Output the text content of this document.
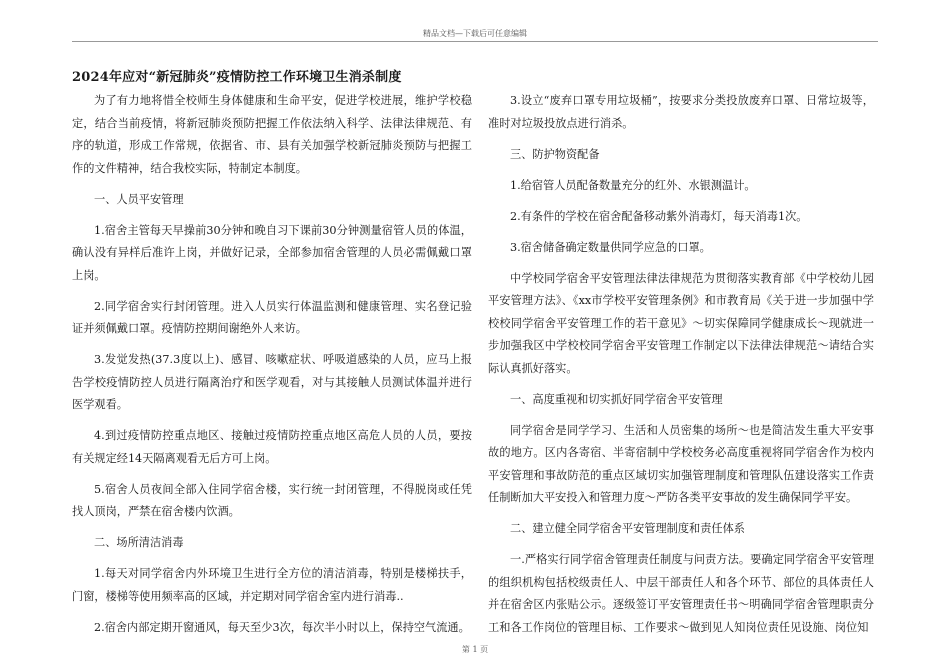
精品文档—下载后可任意编辑
2024年应对“新冠肺炎”疫情防控工作环境卫生消杀制度

为了有力地将惜全校师生身体健康和生命平安，促进学校进展，维护学校稳定，结合当前疫情，将新冠肺炎预防把握工作依法纳入科学、法律法律规范、有序的轨道，形成工作常规，依据省、市、县有关加强学校新冠肺炎预防与把握工作的文件精神，结合我校实际，特制定本制度。

一、人员平安管理

1.宿舍主管每天早操前30分钟和晚自习下课前30分钟测量宿管人员的体温，确认没有异样后准许上岗，并做好记录，全部参加宿舍管理的人员必需佩戴口罩上岗。

2.同学宿舍实行封闭管理。进入人员实行体温监测和健康管理、实名登记验证并须佩戴口罩。疫情防控期间谢绝外人来访。

3.发觉发热(37.3度以上)、感冒、咳嗽症状、呼吸道感染的人员，应马上报告学校疫情防控人员进行隔离治疗和医学观看，对与其接触人员测试体温并进行医学观看。

4.到过疫情防控重点地区、接触过疫情防控重点地区高危人员的人员，要按有关规定经14天隔离观看无后方可上岗。

5.宿舍人员夜间全部入住同学宿舍楼，实行统一封闭管理，不得脱岗或任凭找人顶岗，严禁在宿舍楼内饮酒。

二、场所清洁消毒

1.每天对同学宿舍内外环境卫生进行全方位的清洁消毒，特别是楼梯扶手，门窗，楼梯等使用频率高的区域，并定期对同学宿舍室内进行消毒..

2.宿舍内部定期开窗通风，每天至少3次，每次半小时以上，保持空气流通。

3.设立“废弃口罩专用垃圾桶”，按要求分类投放废弃口罩、日常垃圾等，准时对垃圾投放点进行消杀。

三、防护物资配备

1.给宿管人员配备数量充分的红外、水银测温计。

2.有条件的学校在宿舍配备移动紫外消毒灯，每天消毒1次。

3.宿舍储备确定数量供同学应急的口罩。

中学校同学宿舍平安管理法律法律规范为贯彻落实教育部《中学校幼儿园平安管理方法》、《xx市学校平安管理条例》和市教育局《关于进一步加强中学校校同学宿舍平安管理工作的若干意见》～切实保障同学健康成长～现就进一步加强我区中学校校同学宿舍平安管理工作制定以下法律法律规范～请结合实际认真抓好落实。

一、高度重视和切实抓好同学宿舍平安管理

同学宿舍是同学学习、生活和人员密集的场所～也是简洁发生重大平安事故的地方。区内各寄宿、半寄宿制中学校校务必高度重视将同学宿舍作为校内平安管理和事故防范的重点区域切实加强管理制度和管理队伍建设落实工作责任制断加大平安投入和管理力度～严防各类平安事故的发生确保同学平安。

二、建立健全同学宿舍平安管理制度和责任体系

一.严格实行同学宿舍管理责任制度与问责方法。要确定同学宿舍平安管理的组织机构包括校级责任人、中层干部责任人和各个环节、部位的具体责任人并在宿舍区内张贴公示。逐级签订平安管理责任书～明确同学宿舍管理职责分工和各工作岗位的管理目标、工作要求～做到见人知岗位责任见设施、岗位知

第 1 页
